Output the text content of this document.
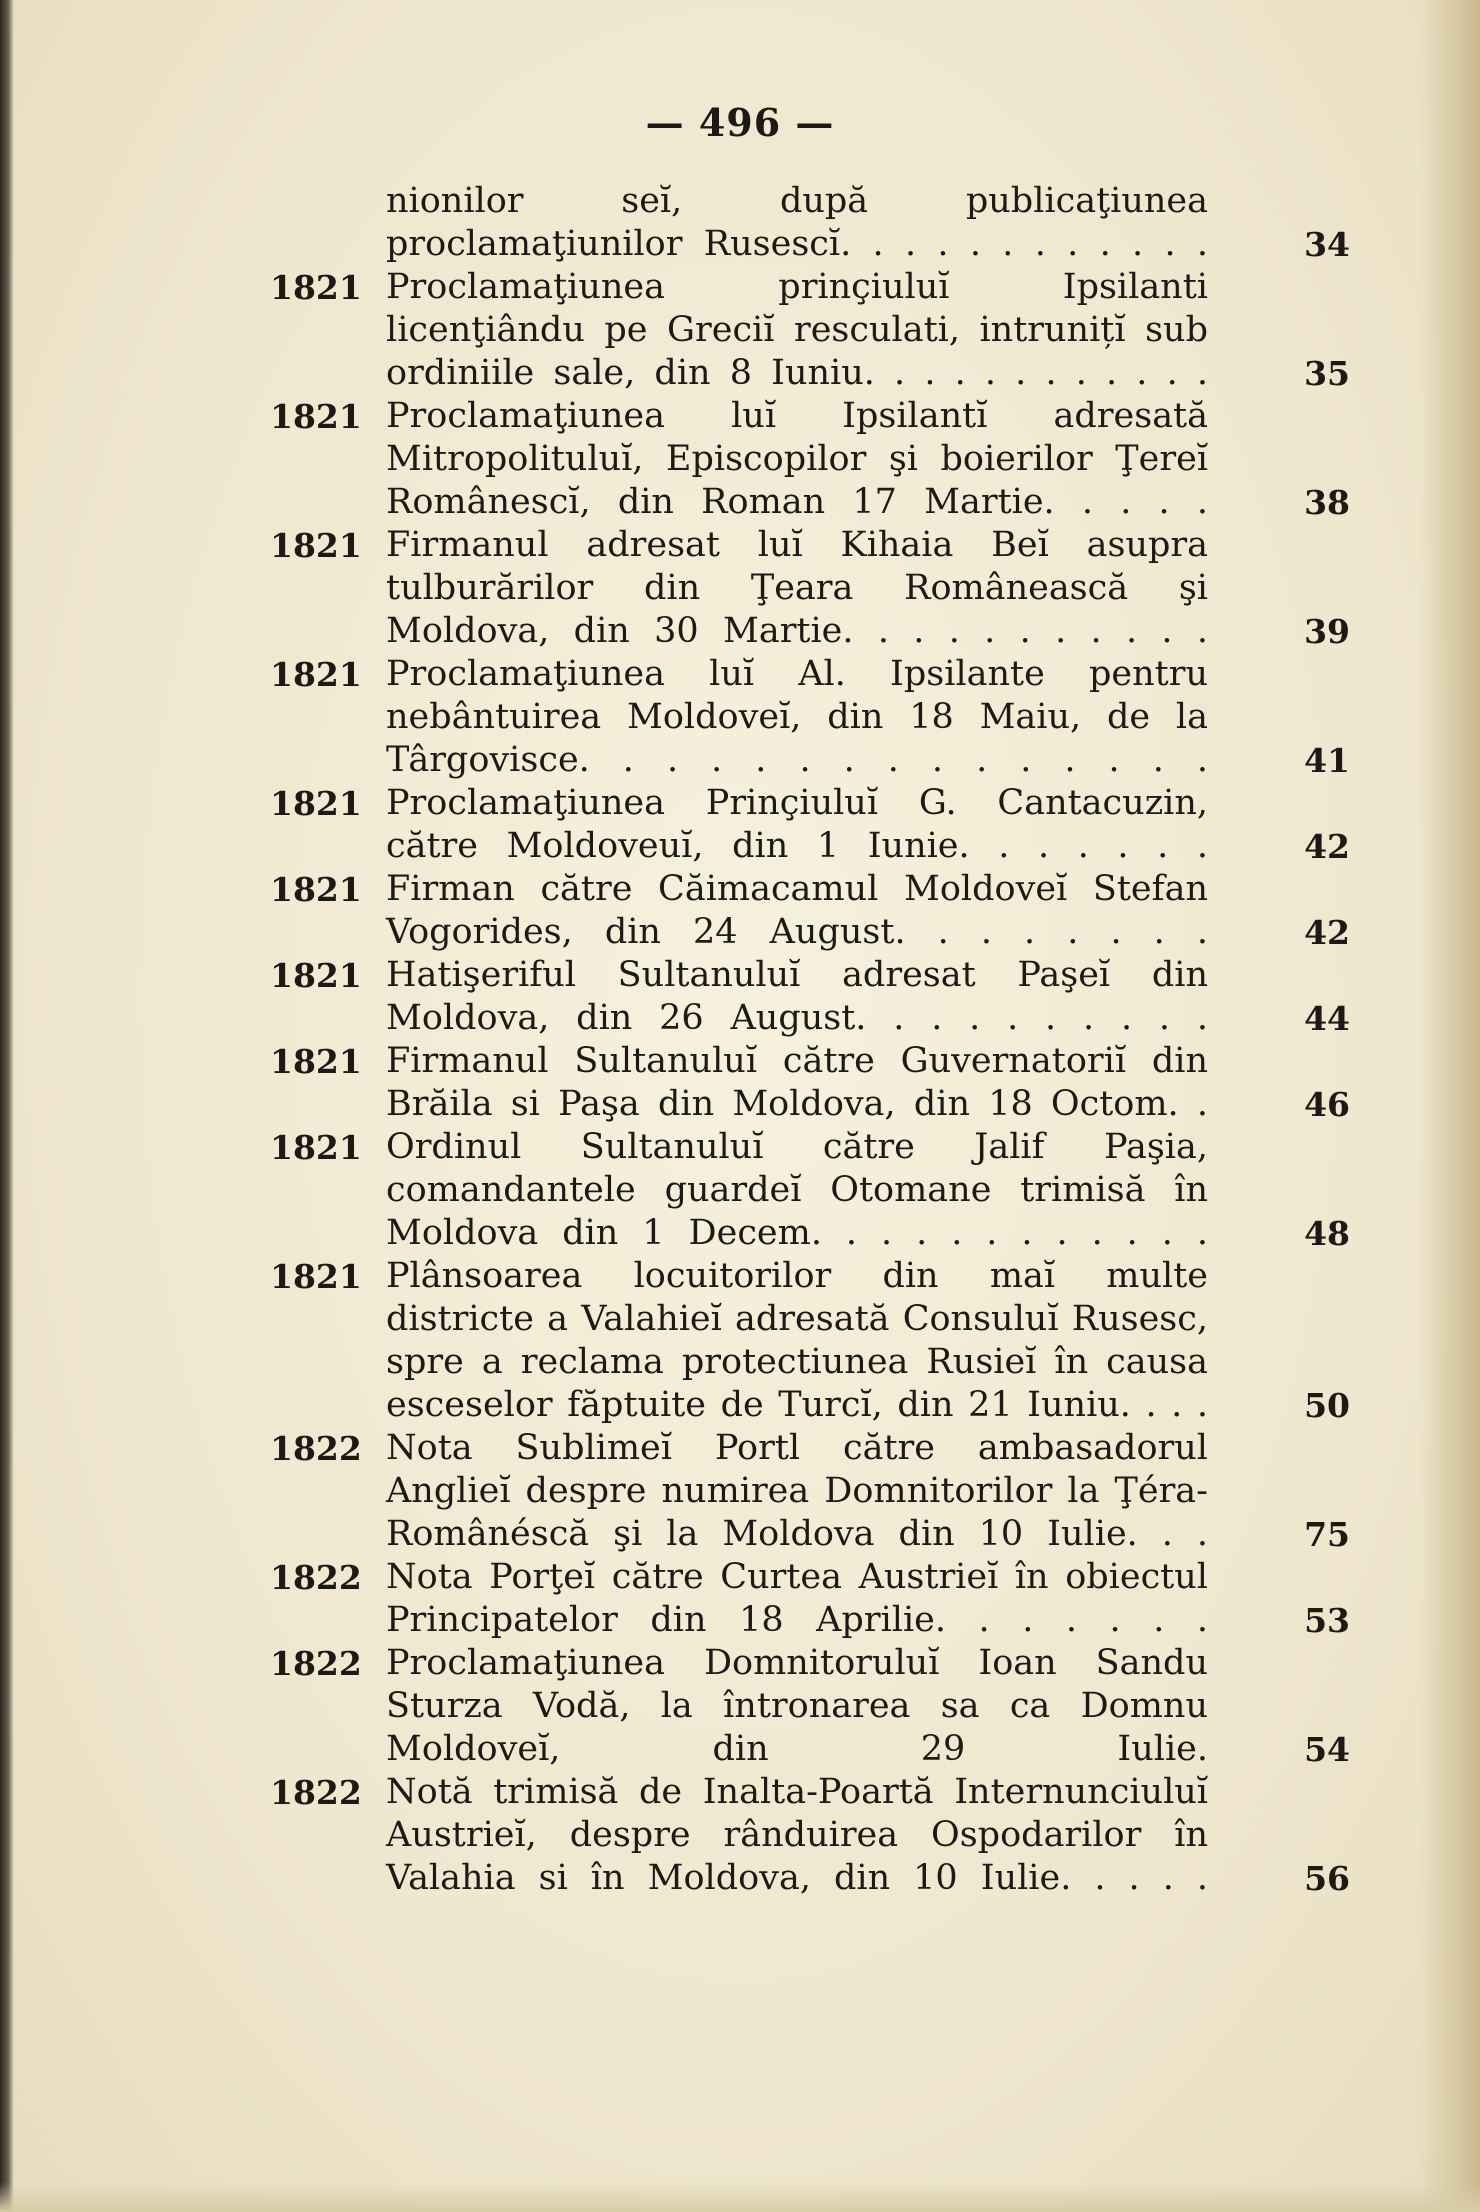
— 496 —
nionilor seĭ, după publicaţiunea proclamaţiunilor Rusescĭ. . . . . . . . . . . .	34
1821 Proclamaţiunea prinçiuluĭ Ipsilanti licenţiându pe Greciĭ resculati, intrunițĭ sub ordiniile sale, din 8 Iuniu. . . . . . . . . . . .	35
1821 Proclamaţiunea luĭ Ipsilantĭ adresată Mitropolituluĭ, Episcopilor şi boierilor Ţereĭ Românescĭ, din Roman 17 Martie. . . . .	38
1821 Firmanul adresat luĭ Kihaia Beĭ asupra tulburărilor din Ţeara Românească şi Moldova, din 30 Martie. . . . . . . . . . .	39
1821 Proclamaţiunea luĭ Al. Ipsilante pentru nebântuirea Moldoveĭ, din 18 Maiu, de la Târgovisce. . . . . . . . . . . . . . .	41
1821 Proclamaţiunea Prinçiuluĭ G. Cantacuzin, către Moldoveuĭ, din 1 Iunie. . . . . . .	42
1821 Firman către Căimacamul Moldoveĭ Stefan Vogorides, din 24 August. . . . . . . .	42
1821 Hatişeriful Sultanuluĭ adresat Paşeĭ din Moldova, din 26 August. . . . . . . . . .	44
1821 Firmanul Sultanuluĭ către Guvernatoriĭ din Brăila si Paşa din Moldova, din 18 Octom. .	46
1821 Ordinul Sultanuluĭ către Jalif Paşia, comandantele guardeĭ Otomane trimisă în Moldova din 1 Decem. . . . . . . . . . . .	48
1821 Plânsoarea locuitorilor din maĭ multe districte a Valahieĭ adresată Consuluĭ Rusesc, spre a reclama protectiunea Rusieĭ în causa esceselor făptuite de Turcĭ, din 21 Iuniu. . . .	50
1822 Nota Sublimeĭ Portl către ambasadorul Anglieĭ despre numirea Domnitorilor la Ţéra-Românéscă şi la Moldova din 10 Iulie. . .	75
1822 Nota Porţeĭ către Curtea Austrieĭ în obiectul Principatelor din 18 Aprilie. . . . . . .	53
1822 Proclamaţiunea Domnitoruluĭ Ioan Sandu Sturza Vodă, la întronarea sa ca Domnu Moldoveĭ, din 29 Iulie.	54
1822 Notă trimisă de Inalta-Poartă Internunciuluĭ Austrieĭ, despre rânduirea Ospodarilor în Valahia si în Moldova, din 10 Iulie. . . . .	56
